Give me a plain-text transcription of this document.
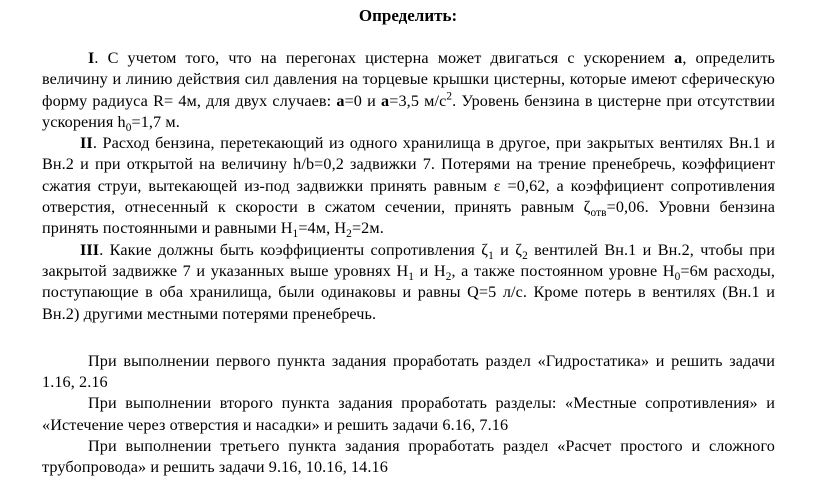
Определить:

I. С учетом того, что на перегонах цистерна может двигаться с ускорением a, определить величину и линию действия сил давления на торцевые крышки цистерны, которые имеют сферическую форму радиуса R= 4м, для двух случаев: a=0 и a=3,5 $м/с^2$. Уровень бензина в цистерне при отсутствии ускорения $h_0=1,7$ м.

II. Расход бензина, перетекающий из одного хранилища в другое, при закрытых вентилях Вн.1 и Вн.2 и при открытой на величину h/b=0,2 задвижки 7. Потерями на трение пренебречь, коэффициент сжатия струи, вытекающей из-под задвижки принять равным ε =0,62, а коэффициент сопротивления отверстия, отнесенный к скорости в сжатом сечении, принять равным $\zeta_{отв}=0,06$. Уровни бензина принять постоянными и равными $H_1=4м$, $H_2=2м$.

III. Какие должны быть коэффициенты сопротивления $\zeta_1$ и $\zeta_2$ вентилей Вн.1 и Вн.2, чтобы при закрытой задвижке 7 и указанных выше уровнях $H_1$ и $H_2$, а также постоянном уровне $H_0=6м$ расходы, поступающие в оба хранилища, были одинаковы и равны Q=5 л/с. Кроме потерь в вентилях (Вн.1 и Вн.2) другими местными потерями пренебречь.

При выполнении первого пункта задания проработать раздел «Гидростатика» и решить задачи 1.16, 2.16

При выполнении второго пункта задания проработать разделы: «Местные сопротивления» и «Истечение через отверстия и насадки» и решить задачи 6.16, 7.16

При выполнении третьего пункта задания проработать раздел «Расчет простого и сложного трубопровода» и решить задачи 9.16, 10.16, 14.16
